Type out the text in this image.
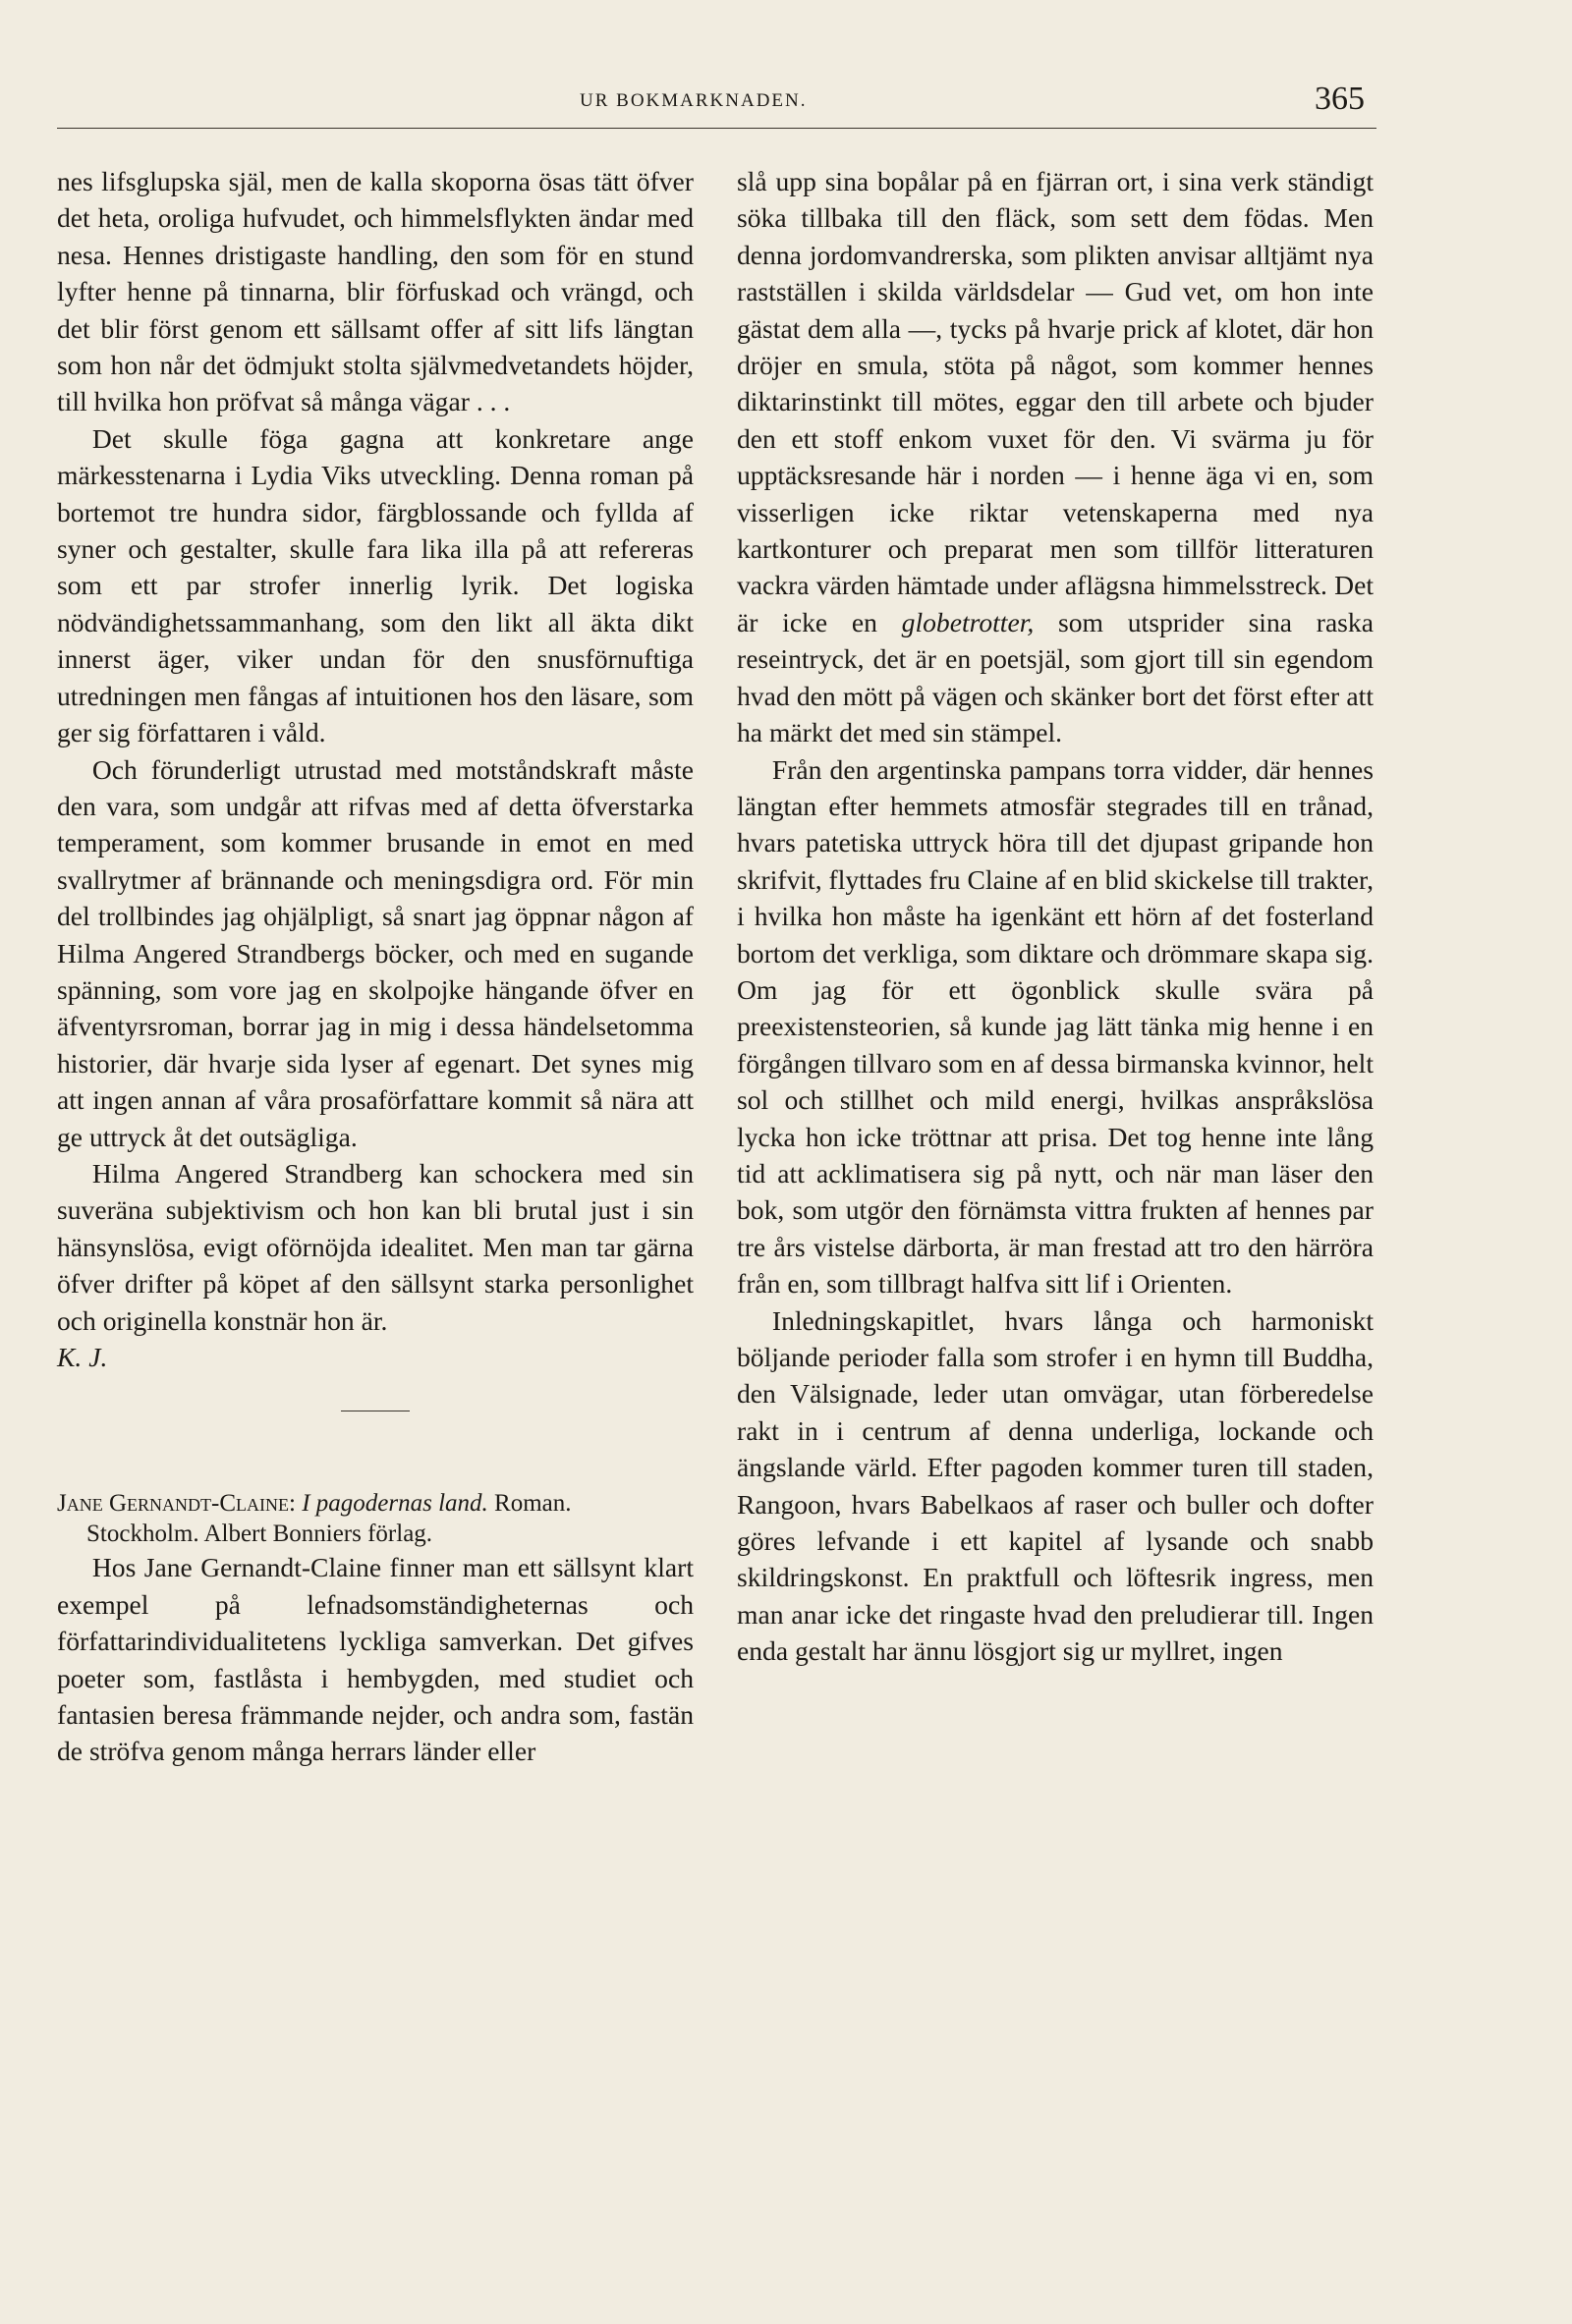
UR BOKMARKNADEN.	365

nes lifsglupska själ, men de kalla skoporna ösas tätt öfver det heta, oroliga hufvudet, och himmelsflykten ändar med nesa. Hennes dristigaste handling, den som för en stund lyfter henne på tinnarna, blir förfuskad och vrängd, och det blir först genom ett sällsamt offer af sitt lifs längtan som hon når det ödmjukt stolta självmedvetandets höjder, till hvilka hon pröfvat så många vägar . . .

Det skulle föga gagna att konkretare ange märkesstenarna i Lydia Viks utveckling. Denna roman på bortemot tre hundra sidor, färgblossande och fyllda af syner och gestalter, skulle fara lika illa på att refereras som ett par strofer innerlig lyrik. Det logiska nödvändighetssammanhang, som den likt all äkta dikt innerst äger, viker undan för den snusförnuftiga utredningen men fångas af intuitionen hos den läsare, som ger sig författaren i våld.

Och förunderligt utrustad med motståndskraft måste den vara, som undgår att rifvas med af detta öfverstarka temperament, som kommer brusande in emot en med svallrytmer af brännande och meningsdigra ord. För min del trollbindes jag ohjälpligt, så snart jag öppnar någon af Hilma Angered Strandbergs böcker, och med en sugande spänning, som vore jag en skolpojke hängande öfver en äfventyrsroman, borrar jag in mig i dessa händelsetomma historier, där hvarje sida lyser af egenart. Det synes mig att ingen annan af våra prosaförfattare kommit så nära att ge uttryck åt det outsägliga.

Hilma Angered Strandberg kan schockera med sin suveräna subjektivism och hon kan bli brutal just i sin hänsynslösa, evigt oförnöjda idealitet. Men man tar gärna öfver drifter på köpet af den sällsynt starka personlighet och originella konstnär hon är.

K. J.

Jane Gernandt-Claine: I pagodernas land. Roman.
Stockholm. Albert Bonniers förlag.

Hos Jane Gernandt-Claine finner man ett sällsynt klart exempel på lefnadsomständigheternas och författarindividualitetens lyckliga samverkan. Det gifves poeter som, fastlåsta i hembygden, med studiet och fantasien beresa främmande nejder, och andra som, fastän de ströfva genom många herrars länder eller

slå upp sina bopålar på en fjärran ort, i sina verk ständigt söka tillbaka till den fläck, som sett dem födas. Men denna jordomvandrerska, som plikten anvisar alltjämt nya rastställen i skilda världsdelar — Gud vet, om hon inte gästat dem alla —, tycks på hvarje prick af klotet, där hon dröjer en smula, stöta på något, som kommer hennes diktarinstinkt till mötes, eggar den till arbete och bjuder den ett stoff enkom vuxet för den. Vi svärma ju för upptäcksresande här i norden — i henne äga vi en, som visserligen icke riktar vetenskaperna med nya kartkonturer och preparat men som tillför litteraturen vackra värden hämtade under aflägsna himmelsstreck. Det är icke en globetrotter, som utsprider sina raska reseintryck, det är en poetsjäl, som gjort till sin egendom hvad den mött på vägen och skänker bort det först efter att ha märkt det med sin stämpel.

Från den argentinska pampans torra vidder, där hennes längtan efter hemmets atmosfär stegrades till en trånad, hvars patetiska uttryck höra till det djupast gripande hon skrifvit, flyttades fru Claine af en blid skickelse till trakter, i hvilka hon måste ha igenkänt ett hörn af det fosterland bortom det verkliga, som diktare och drömmare skapa sig. Om jag för ett ögonblick skulle svära på preexistensteorien, så kunde jag lätt tänka mig henne i en förgången tillvaro som en af dessa birmanska kvinnor, helt sol och stillhet och mild energi, hvilkas anspråkslösa lycka hon icke tröttnar att prisa. Det tog henne inte lång tid att acklimatisera sig på nytt, och när man läser den bok, som utgör den förnämsta vittra frukten af hennes par tre års vistelse därborta, är man frestad att tro den härröra från en, som tillbragt halfva sitt lif i Orienten.

Inledningskapitlet, hvars långa och harmoniskt böljande perioder falla som strofer i en hymn till Buddha, den Välsignade, leder utan omvägar, utan förberedelse rakt in i centrum af denna underliga, lockande och ängslande värld. Efter pagoden kommer turen till staden, Rangoon, hvars Babelkaos af raser och buller och dofter göres lefvande i ett kapitel af lysande och snabb skildringskonst. En praktfull och löftesrik ingress, men man anar icke det ringaste hvad den preludierar till. Ingen enda gestalt har ännu lösgjort sig ur myllret, ingen
